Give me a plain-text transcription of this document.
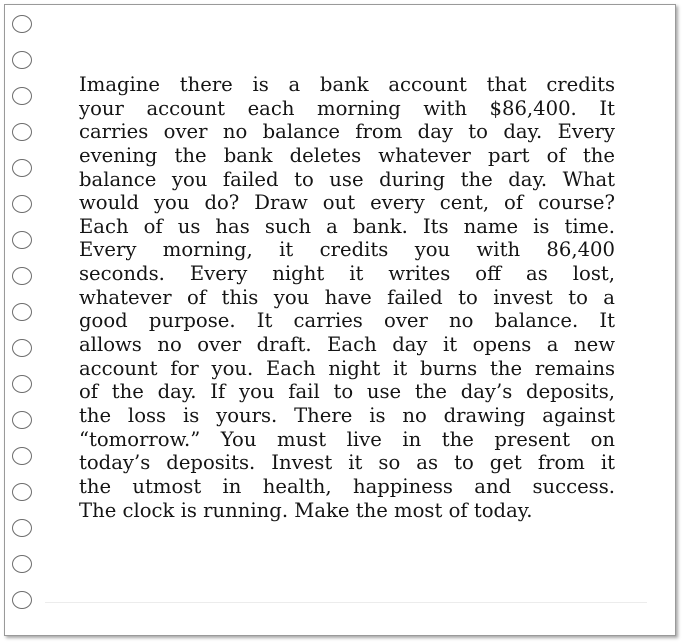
Imagine there is a bank account that credits
your account each morning with $86,400. It
carries over no balance from day to day. Every
evening the bank deletes whatever part of the
balance you failed to use during the day. What
would you do? Draw out every cent, of course?
Each of us has such a bank. Its name is time.
Every morning, it credits you with 86,400
seconds. Every night it writes off as lost,
whatever of this you have failed to invest to a
good purpose. It carries over no balance. It
allows no over draft. Each day it opens a new
account for you. Each night it burns the remains
of the day. If you fail to use the day’s deposits,
the loss is yours. There is no drawing against
“tomorrow.” You must live in the present on
today’s deposits. Invest it so as to get from it
the utmost in health, happiness and success.
The clock is running. Make the most of today.
